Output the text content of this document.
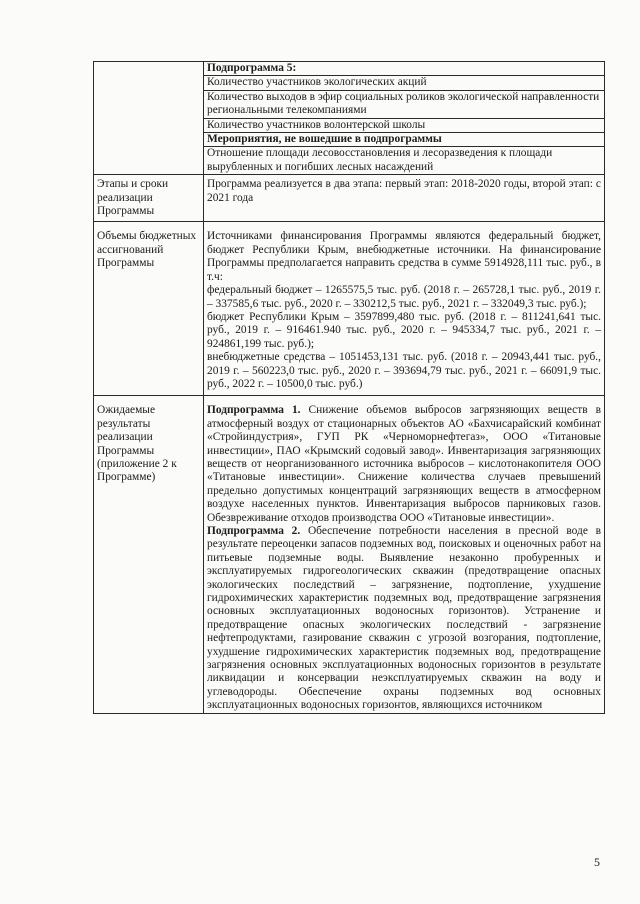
	Подпрограмма 5:
	Количество участников экологических акций
	Количество выходов в эфир социальных роликов экологической направленности региональными телекомпаниями
	Количество участников волонтерской школы
	Мероприятия, не вошедшие в подпрограммы
	Отношение площади лесовосстановления и лесоразведения к площади вырубленных и погибших лесных насаждений
Этапы и сроки реализации Программы	Программа реализуется в два этапа: первый этап: 2018-2020 годы, второй этап: с 2021 года
Объемы бюджетных ассигнований Программы	Источниками финансирования Программы являются федеральный бюджет, бюджет Республики Крым, внебюджетные источники. На финансирование Программы предполагается направить средства в сумме 5914928,111 тыс. руб., в т.ч:

федеральный бюджет – 1265575,5 тыс. руб. (2018 г. – 265728,1 тыс. руб., 2019 г. – 337585,6 тыс. руб., 2020 г. – 330212,5 тыс. руб., 2021 г. – 332049,3 тыс. руб.);

бюджет Республики Крым – 3597899,480 тыс. руб. (2018 г. – 811241,641 тыс. руб., 2019 г. – 916461.940 тыс. руб., 2020 г. – 945334,7 тыс. руб., 2021 г. – 924861,199 тыс. руб.);

внебюджетные средства – 1051453,131 тыс. руб. (2018 г. – 20943,441 тыс. руб., 2019 г. – 560223,0 тыс. руб., 2020 г. – 393694,79 тыс. руб., 2021 г. – 66091,9 тыс. руб., 2022 г. – 10500,0 тыс. руб.)

Ожидаемые результаты реализации Программы (приложение 2 к Программе)	Подпрограмма 1. Снижение объемов выбросов загрязняющих веществ в атмосферный воздух от стационарных объектов АО «Бахчисарайский комбинат «Стройиндустрия», ГУП РК «Черноморнефтегаз», ООО «Титановые инвестиции», ПАО «Крымский содовый завод». Инвентаризация загрязняющих веществ от неорганизованного источника выбросов – кислотонакопителя ООО «Титановые инвестиции». Снижение количества случаев превышений предельно допустимых концентраций загрязняющих веществ в атмосферном воздухе населенных пунктов. Инвентаризация выбросов парниковых газов. Обезвреживание отходов производства ООО «Титановые инвестиции».

Подпрограмма 2. Обеспечение потребности населения в пресной воде в результате переоценки запасов подземных вод, поисковых и оценочных работ на питьевые подземные воды. Выявление незаконно пробуренных и эксплуатируемых гидрогеологических скважин (предотвращение опасных экологических последствий – загрязнение, подтопление, ухудшение гидрохимических характеристик подземных вод, предотвращение загрязнения основных эксплуатационных водоносных горизонтов). Устранение и предотвращение опасных экологических последствий - загрязнение нефтепродуктами, газирование скважин с угрозой возгорания, подтопление, ухудшение гидрохимических характеристик подземных вод, предотвращение загрязнения основных эксплуатационных водоносных горизонтов в результате ликвидации и консервации неэксплуатируемых скважин на воду и углеводороды. Обеспечение охраны подземных вод основных эксплуатационных водоносных горизонтов, являющихся источником

5
